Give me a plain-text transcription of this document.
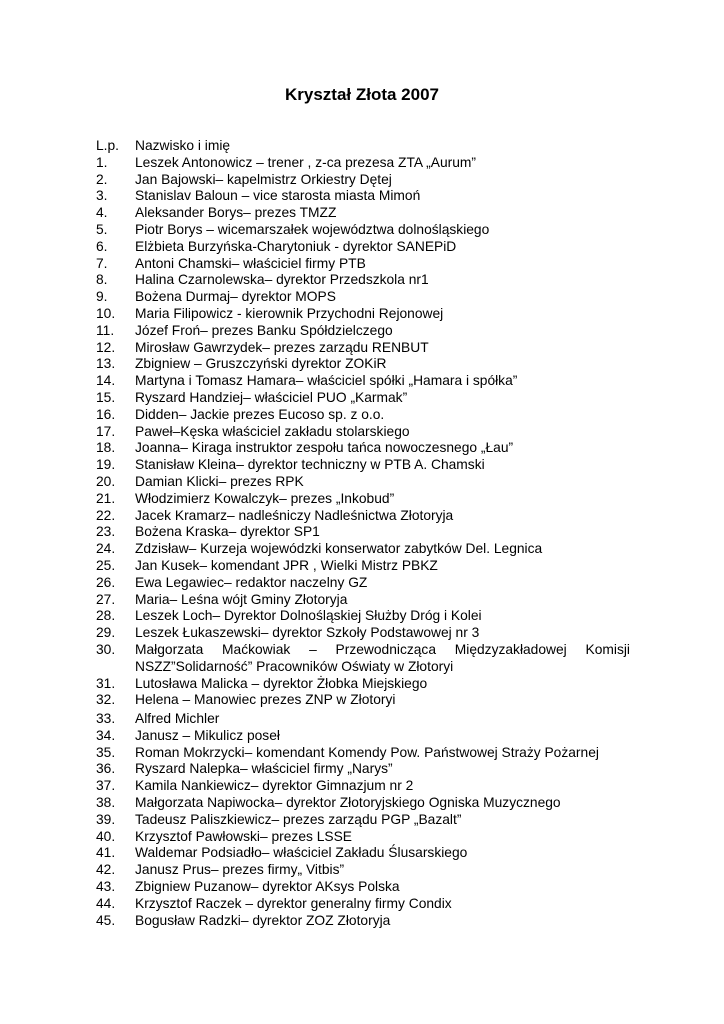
Kryształ Złota 2007
L.p.	Nazwisko i imię
1.	Leszek Antonowicz – trener , z-ca prezesa ZTA „Aurum”
2.	Jan Bajowski– kapelmistrz Orkiestry Dętej
3.	Stanislav Baloun – vice starosta miasta Mimoń
4.	Aleksander Borys– prezes TMZZ
5.	Piotr Borys – wicemarszałek województwa dolnośląskiego
6.	Elżbieta Burzyńska-Charytoniuk - dyrektor SANEPiD
7.	Antoni Chamski– właściciel firmy PTB
8.	Halina Czarnolewska– dyrektor Przedszkola nr1
9.	Bożena Durmaj– dyrektor MOPS
10.	Maria Filipowicz - kierownik Przychodni Rejonowej
11.	Józef Froń– prezes Banku Spółdzielczego
12.	Mirosław Gawrzydek– prezes zarządu RENBUT
13.	Zbigniew – Gruszczyński dyrektor ZOKiR
14.	Martyna i Tomasz Hamara– właściciel spółki „Hamara i spółka”
15.	Ryszard Handziej– właściciel PUO „Karmak”
16.	Didden– Jackie prezes Eucoso sp. z o.o.
17.	Paweł–Kęska właściciel zakładu stolarskiego
18.	Joanna– Kiraga instruktor zespołu tańca nowoczesnego „Łau”
19.	Stanisław Kleina– dyrektor techniczny w PTB A. Chamski
20.	Damian Klicki– prezes RPK
21.	Włodzimierz Kowalczyk– prezes „Inkobud”
22.	Jacek Kramarz– nadleśniczy Nadleśnictwa Złotoryja
23.	Bożena Kraska– dyrektor SP1
24.	Zdzisław– Kurzeja wojewódzki konserwator zabytków Del. Legnica
25.	Jan Kusek– komendant JPR , Wielki Mistrz PBKZ
26.	Ewa Legawiec– redaktor naczelny GZ
27.	Maria– Leśna wójt Gminy Złotoryja
28.	Leszek Loch– Dyrektor Dolnośląskiej Służby Dróg i Kolei
29.	Leszek Łukaszewski– dyrektor Szkoły Podstawowej nr 3
30.	Małgorzata Maćkowiak – Przewodnicząca Międzyzakładowej Komisji NSZZ”Solidarność” Pracowników Oświaty w Złotoryi
31.	Lutosława Malicka – dyrektor Żłobka Miejskiego
32.	Helena – Manowiec prezes ZNP w Złotoryi
33.	Alfred Michler
34.	Janusz – Mikulicz poseł
35.	Roman Mokrzycki– komendant Komendy Pow. Państwowej Straży Pożarnej
36.	Ryszard Nalepka– właściciel firmy „Narys”
37.	Kamila Nankiewicz– dyrektor Gimnazjum nr 2
38.	Małgorzata Napiwocka– dyrektor Złotoryjskiego Ogniska Muzycznego
39.	Tadeusz Paliszkiewicz– prezes zarządu PGP „Bazalt”
40.	Krzysztof Pawłowski– prezes LSSE
41.	Waldemar Podsiadło– właściciel Zakładu Ślusarskiego
42.	Janusz Prus– prezes firmy„ Vitbis”
43.	Zbigniew Puzanow– dyrektor AKsys Polska
44.	Krzysztof Raczek – dyrektor generalny firmy Condix
45.	Bogusław Radzki– dyrektor ZOZ Złotoryja
